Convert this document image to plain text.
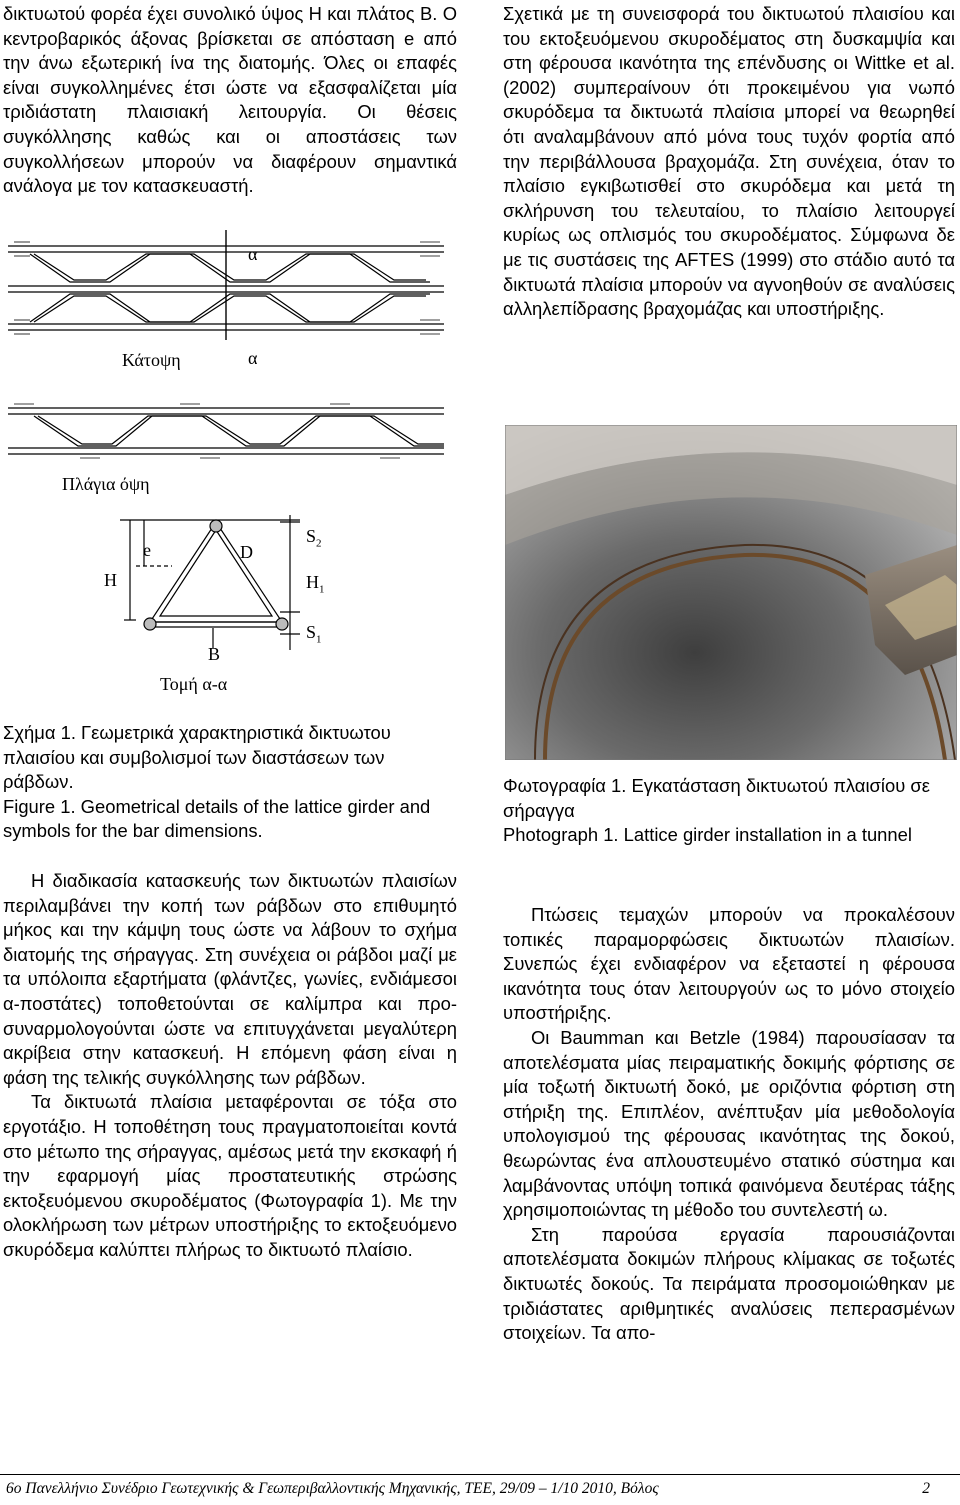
δικτυωτού φορέα έχει συνολικό ύψος Η και πλάτος Β. Ο κεντροβαρικός άξονας βρίσκεται σε απόσταση e από την άνω εξωτερική ίνα της διατομής. Όλες οι επαφές είναι συγκολλημένες έτσι ώστε να εξασφαλίζεται μία τριδιάστατη πλαισιακή λειτουργία. Οι θέσεις συγκόλλησης καθώς και οι αποστάσεις των συγκολλήσεων μπορούν να διαφέρουν σημαντικά ανάλογα με τον κατασκευαστή.

α
α
Κάτοψη
Πλάγια όψη
H
e	D
B
$S_2$
$H_1$
$S_1$
Τομή α-α

Σχήμα 1. Γεωμετρικά χαρακτηριστικά δικτυωτου πλαισίου και συμβολισμοί των διαστάσεων των ράβδων.

Figure 1. Geometrical details of the lattice girder and symbols for the bar dimensions.

Η διαδικασία κατασκευής των δικτυωτών πλαισίων περιλαμβάνει την κοπή των ράβδων στο επιθυμητό μήκος και την κάμψη τους ώστε να λάβουν το σχήμα διατομής της σήραγγας. Στη συνέχεια οι ράβδοι μαζί με τα υπόλοιπα εξαρτήματα (φλάντζες, γωνίες, ενδιάμεσοι α-ποστάτες) τοποθετούνται σε καλίμπρα και προ-συναρμολογούνται ώστε να επιτυγχάνεται μεγαλύτερη ακρίβεια στην κατασκευή. Η επόμενη φάση είναι η φάση της τελικής συγκόλλησης των ράβδων.

Τα δικτυωτά πλαίσια μεταφέρονται σε τόξα στο εργοτάξιο. Η τοποθέτηση τους πραγματοποιείται κοντά στο μέτωπο της σήραγγας, αμέσως μετά την εκσκαφή ή την εφαρμογή μίας προστατευτικής στρώσης εκτοξευόμενου σκυροδέματος (Φωτογραφία 1). Με την ολοκλήρωση των μέτρων υποστήριξης το εκτοξευόμενο σκυρόδεμα καλύπτει πλήρως το δικτυωτό πλαίσιο.

Σχετικά με τη συνεισφορά του δικτυωτού πλαισίου και του εκτοξευόμενου σκυροδέματος στη δυσκαμψία και στη φέρουσα ικανότητα της επένδυσης οι Wittke et al. (2002) συμπεραίνουν ότι προκειμένου για νωπό σκυρόδεμα τα δικτυωτά πλαίσια μπορεί να θεωρηθεί ότι αναλαμβάνουν από μόνα τους τυχόν φορτία από την περιβάλλουσα βραχομάζα. Στη συνέχεια, όταν το πλαίσιο εγκιβωτισθεί στο σκυρόδεμα και μετά τη σκλήρυνση του τελευταίου, το πλαίσιο λειτουργεί κυρίως ως οπλισμός του σκυροδέματος. Σύμφωνα δε με τις συστάσεις της AFTES (1999) στο στάδιο αυτό τα δικτυωτά πλαίσια μπορούν να αγνοηθούν σε αναλύσεις αλληλεπίδρασης βραχομάζας και υποστήριξης.

Φωτογραφία 1. Εγκατάσταση δικτυωτού πλαισίου σε σήραγγα

Photograph 1. Lattice girder installation in a tunnel

Πτώσεις τεμαχών μπορούν να προκαλέσουν τοπικές παραμορφώσεις δικτυωτών πλαισίων. Συνεπώς έχει ενδιαφέρον να εξεταστεί η φέρουσα ικανότητα τους όταν λειτουργούν ως το μόνο στοιχείο υποστήριξης.

Οι Baumman και Betzle (1984) παρουσίασαν τα αποτελέσματα μίας πειραματικής δοκιμής φόρτισης σε μία τοξωτή δικτυωτή δοκό, με οριζόντια φόρτιση στη στήριξη της. Επιπλέον, ανέπτυξαν μία μεθοδολογία υπολογισμού της φέρουσας ικανότητας της δοκού, θεωρώντας ένα απλουστευμένο στατικό σύστημα και λαμβάνοντας υπόψη τοπικά φαινόμενα δευτέρας τάξης χρησιμοποιώντας τη μέθοδο του συντελεστή ω.

Στη παρούσα εργασία παρουσιάζονται αποτελέσματα δοκιμών πλήρους κλίμακας σε τοξωτές δικτυωτές δοκούς. Τα πειράματα προσομοιώθηκαν με τριδιάστατες αριθμητικές αναλύσεις πεπερασμένων στοιχείων. Τα απο-

6ο Πανελλήνιο Συνέδριο Γεωτεχνικής & Γεωπεριβαλλοντικής Μηχανικής, ΤΕΕ, 29/09 – 1/10 2010, Βόλος	2
